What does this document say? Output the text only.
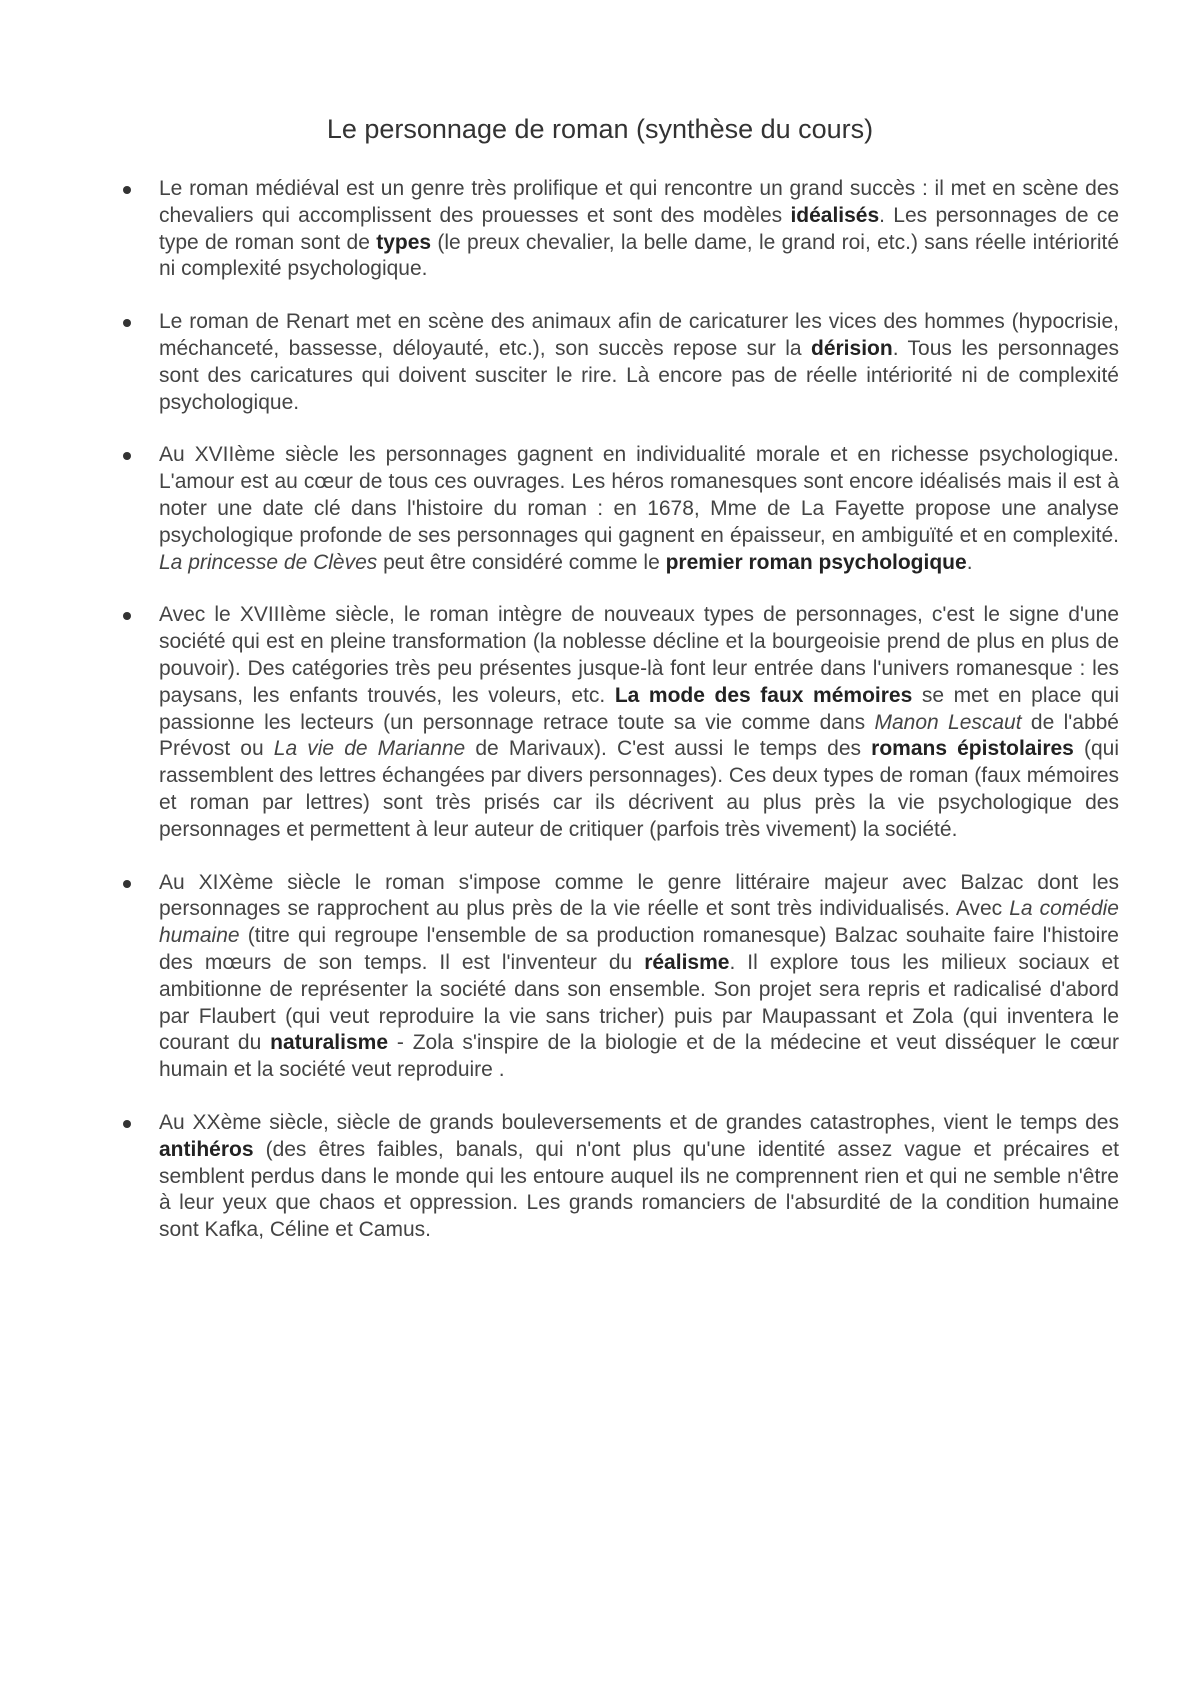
Le personnage de roman (synthèse du cours)
Le roman médiéval est un genre très prolifique et qui rencontre un grand succès : il met en scène des chevaliers qui accomplissent des prouesses et sont des modèles idéalisés. Les personnages de ce type de roman sont de types (le preux chevalier, la belle dame, le grand roi, etc.) sans réelle intériorité ni complexité psychologique.
Le roman de Renart met en scène des animaux afin de caricaturer les vices des hommes (hypocrisie, méchanceté, bassesse, déloyauté, etc.), son succès repose sur la dérision. Tous les personnages sont des caricatures qui doivent susciter le rire. Là encore pas de réelle intériorité ni de complexité psychologique.
Au XVIIème siècle les personnages gagnent en individualité morale et en richesse psychologique. L'amour est au cœur de tous ces ouvrages. Les héros romanesques sont encore idéalisés mais il est à noter une date clé dans l'histoire du roman : en 1678, Mme de La Fayette propose une analyse psychologique profonde de ses personnages qui gagnent en épaisseur, en ambiguïté et en complexité. La princesse de Clèves peut être considéré comme le premier roman psychologique.
Avec le XVIIIème siècle, le roman intègre de nouveaux types de personnages, c'est le signe d'une société qui est en pleine transformation (la noblesse décline et la bourgeoisie prend de plus en plus de pouvoir). Des catégories très peu présentes jusque-là font leur entrée dans l'univers romanesque : les paysans, les enfants trouvés, les voleurs, etc. La mode des faux mémoires se met en place qui passionne les lecteurs (un personnage retrace toute sa vie comme dans Manon Lescaut de l'abbé Prévost ou La vie de Marianne de Marivaux). C'est aussi le temps des romans épistolaires (qui rassemblent des lettres échangées par divers personnages). Ces deux types de roman (faux mémoires et roman par lettres) sont très prisés car ils décrivent au plus près la vie psychologique des personnages et permettent à leur auteur de critiquer (parfois très vivement) la société.
Au XIXème siècle le roman s'impose comme le genre littéraire majeur avec Balzac dont les personnages se rapprochent au plus près de la vie réelle et sont très individualisés. Avec La comédie humaine (titre qui regroupe l'ensemble de sa production romanesque) Balzac souhaite faire l'histoire des mœurs de son temps. Il est l'inventeur du réalisme. Il explore tous les milieux sociaux et ambitionne de représenter la société dans son ensemble. Son projet sera repris et radicalisé d'abord par Flaubert (qui veut reproduire la vie sans tricher) puis par Maupassant et Zola (qui inventera le courant du naturalisme - Zola s'inspire de la biologie et de la médecine et veut disséquer le cœur humain et la société veut reproduire .
Au XXème siècle, siècle de grands bouleversements et de grandes catastrophes, vient le temps des antihéros (des êtres faibles, banals, qui n'ont plus qu'une identité assez vague et précaires et semblent perdus dans le monde qui les entoure auquel ils ne comprennent rien et qui ne semble n'être à leur yeux que chaos et oppression. Les grands romanciers de l'absurdité de la condition humaine sont Kafka, Céline et Camus.
